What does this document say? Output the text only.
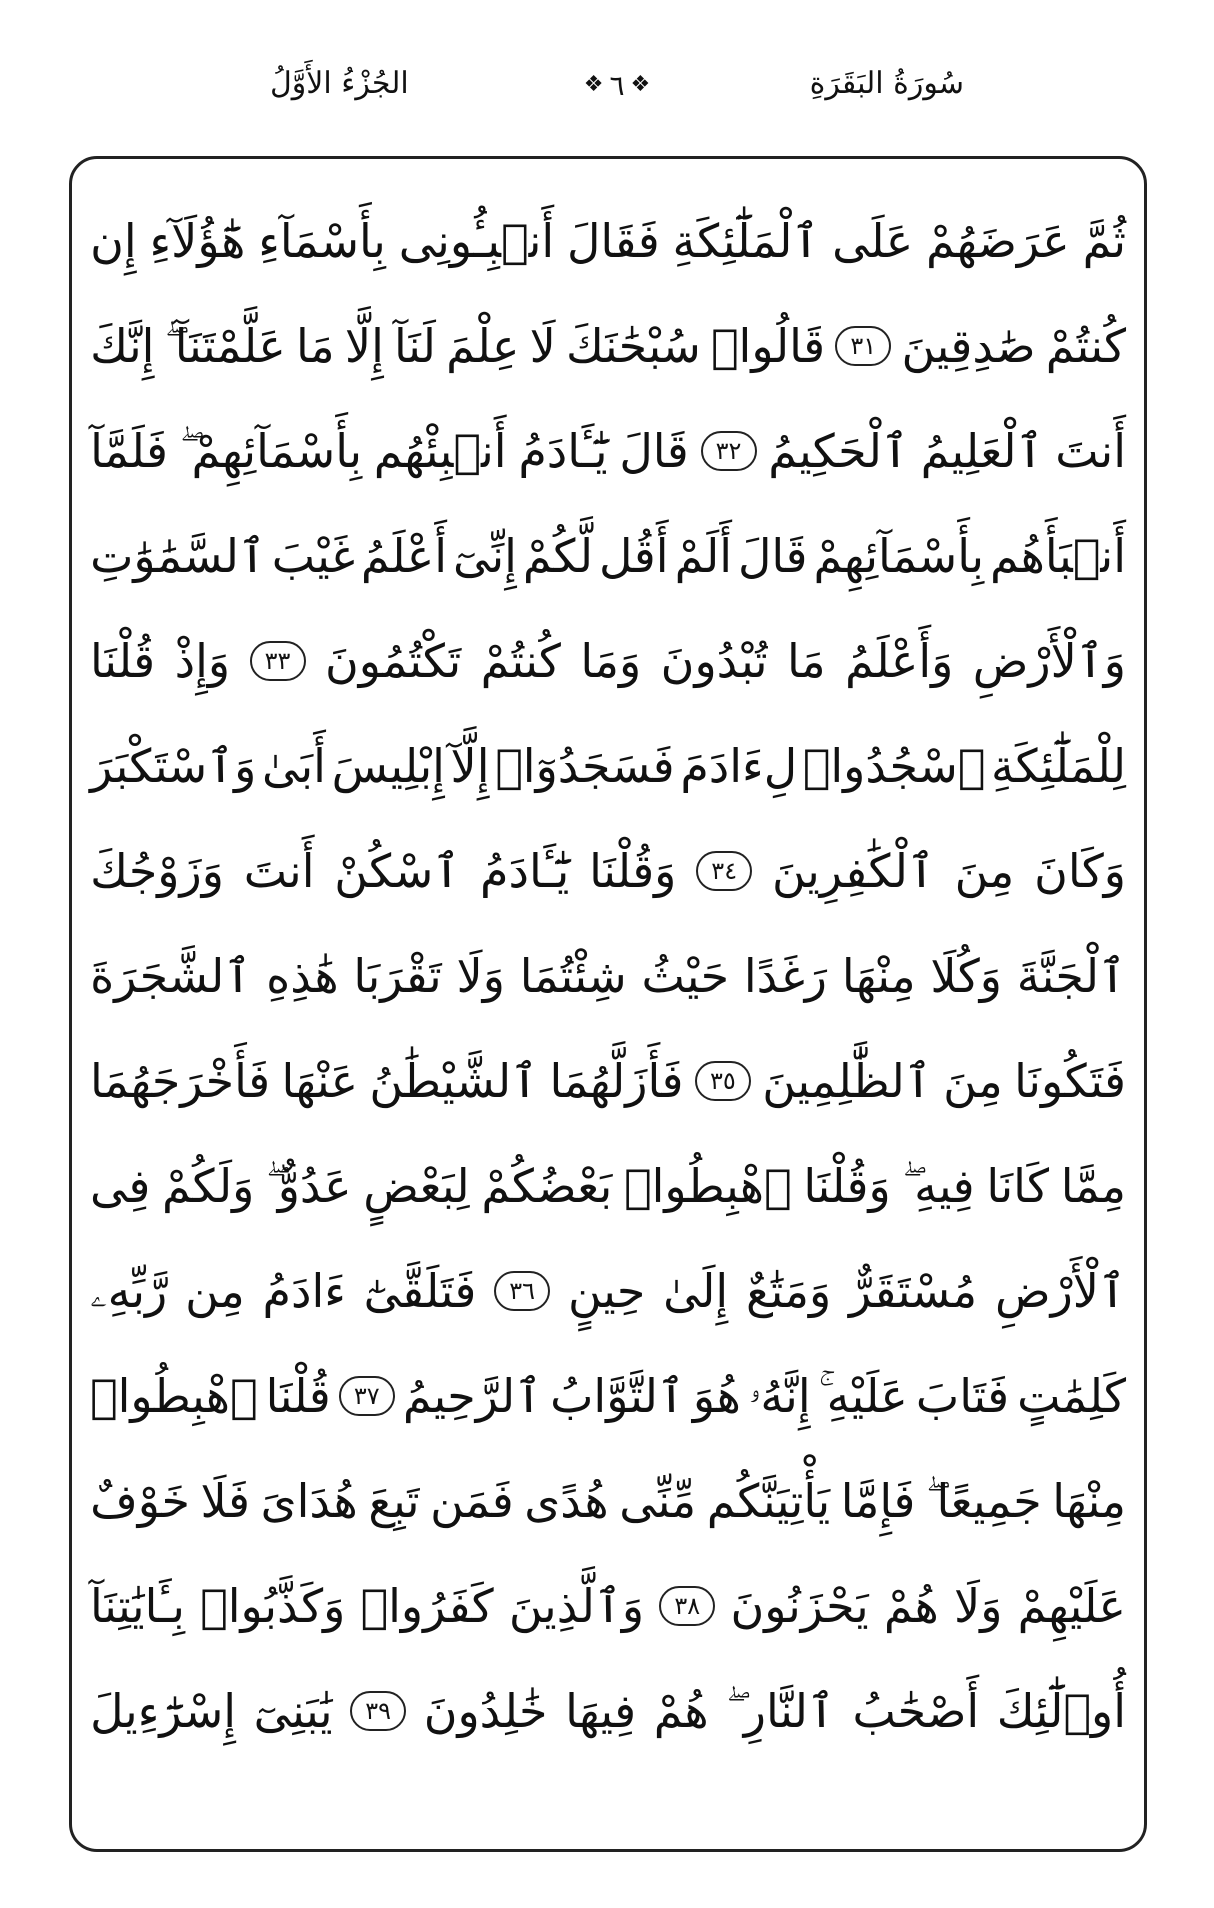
سُورَةُ البَقَرَةِ
❖
٦
❖
الجُزْءُ الأَوَّلُ
ثُمَّ
عَرَضَهُمْ
عَلَى
ٱلْمَلَٰٓئِكَةِ
فَقَالَ
أَنۢبِـُٔونِى
بِأَسْمَآءِ
هَٰٓؤُلَآءِ
إِن
كُنتُمْ
صَٰدِقِينَ
٣١
قَالُوا۟
سُبْحَٰنَكَ
لَا
عِلْمَ
لَنَآ
إِلَّا
مَا
عَلَّمْتَنَآ
إِنَّكَ
أَنتَ
ٱلْعَلِيمُ
ٱلْحَكِيمُ
٣٢
قَالَ
يَٰٓـَٔادَمُ
أَنۢبِئْهُم
بِأَسْمَآئِهِمْ
فَلَمَّآ
أَنۢبَأَهُم
بِأَسْمَآئِهِمْ
قَالَ
أَلَمْ
أَقُل
لَّكُمْ
إِنِّىٓ
أَعْلَمُ
غَيْبَ
ٱلسَّمَٰوَٰتِ
وَٱلْأَرْضِ
وَأَعْلَمُ
مَا
تُبْدُونَ
وَمَا
كُنتُمْ
تَكْتُمُونَ
٣٣
وَإِذْ
قُلْنَا
لِلْمَلَٰٓئِكَةِ
ٱسْجُدُوا۟
لِءَادَمَ
فَسَجَدُوٓا۟
إِلَّآ
إِبْلِيسَ
أَبَىٰ
وَٱسْتَكْبَرَ
وَكَانَ
مِنَ
ٱلْكَٰفِرِينَ
٣٤
وَقُلْنَا
يَٰٓـَٔادَمُ
ٱسْكُنْ
أَنتَ
وَزَوْجُكَ
ٱلْجَنَّةَ
وَكُلَا
مِنْهَا
رَغَدًا
حَيْثُ
شِئْتُمَا
وَلَا
تَقْرَبَا
هَٰذِهِ
ٱلشَّجَرَةَ
فَتَكُونَا
مِنَ
ٱلظَّٰلِمِينَ
٣٥
فَأَزَلَّهُمَا
ٱلشَّيْطَٰنُ
عَنْهَا
فَأَخْرَجَهُمَا
مِمَّا
كَانَا
فِيهِ
وَقُلْنَا
ٱهْبِطُوا۟
بَعْضُكُمْ
لِبَعْضٍ
عَدُوٌّ
وَلَكُمْ
فِى
ٱلْأَرْضِ
مُسْتَقَرٌّ
وَمَتَٰعٌ
إِلَىٰ
حِينٍ
٣٦
فَتَلَقَّىٰٓ
ءَادَمُ
مِن
رَّبِّهِۦ
كَلِمَٰتٍ
فَتَابَ
عَلَيْهِ
إِنَّهُۥ
هُوَ
ٱلتَّوَّابُ
ٱلرَّحِيمُ
٣٧
قُلْنَا
ٱهْبِطُوا۟
مِنْهَا
جَمِيعًا
فَإِمَّا
يَأْتِيَنَّكُم
مِّنِّى
هُدًى
فَمَن
تَبِعَ
هُدَاىَ
فَلَا
خَوْفٌ
عَلَيْهِمْ
وَلَا
هُمْ
يَحْزَنُونَ
٣٨
وَٱلَّذِينَ
كَفَرُوا۟
وَكَذَّبُوا۟
بِـَٔايَٰتِنَآ
أُو۟لَٰٓئِكَ
أَصْحَٰبُ
ٱلنَّارِ
هُمْ
فِيهَا
خَٰلِدُونَ
٣٩
يَٰبَنِىٓ
إِسْرَٰٓءِيلَ
